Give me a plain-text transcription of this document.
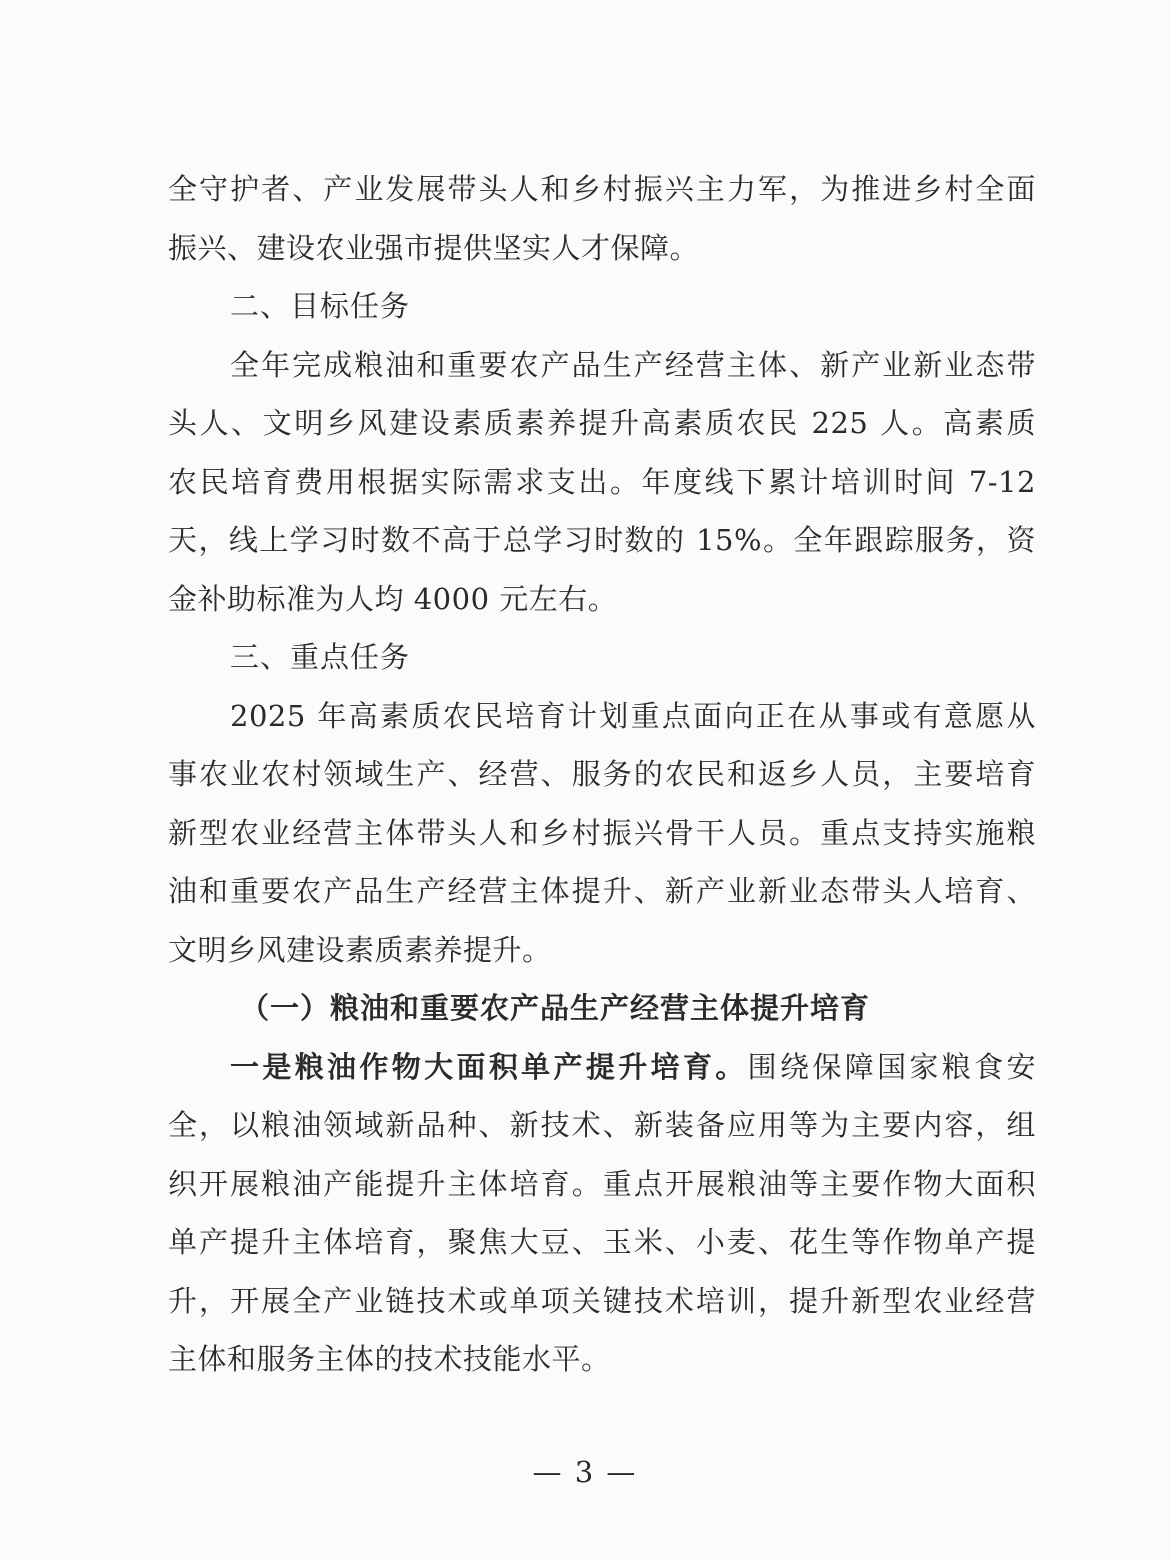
全守护者、产业发展带头人和乡村振兴主力军，为推进乡村全面
振兴、建设农业强市提供坚实人才保障。
二、目标任务
全年完成粮油和重要农产品生产经营主体、新产业新业态带
头人、文明乡风建设素质素养提升高素质农民 225 人。高素质
农民培育费用根据实际需求支出。年度线下累计培训时间 7-12
天，线上学习时数不高于总学习时数的 15%。全年跟踪服务，资
金补助标准为人均 4000 元左右。
三、重点任务
2025 年高素质农民培育计划重点面向正在从事或有意愿从
事农业农村领域生产、经营、服务的农民和返乡人员，主要培育
新型农业经营主体带头人和乡村振兴骨干人员。重点支持实施粮
油和重要农产品生产经营主体提升、新产业新业态带头人培育、
文明乡风建设素质素养提升。
（一）粮油和重要农产品生产经营主体提升培育
一是粮油作物大面积单产提升培育。围绕保障国家粮食安
全，以粮油领域新品种、新技术、新装备应用等为主要内容，组
织开展粮油产能提升主体培育。重点开展粮油等主要作物大面积
单产提升主体培育，聚焦大豆、玉米、小麦、花生等作物单产提
升，开展全产业链技术或单项关键技术培训，提升新型农业经营
主体和服务主体的技术技能水平。
— 3 —
